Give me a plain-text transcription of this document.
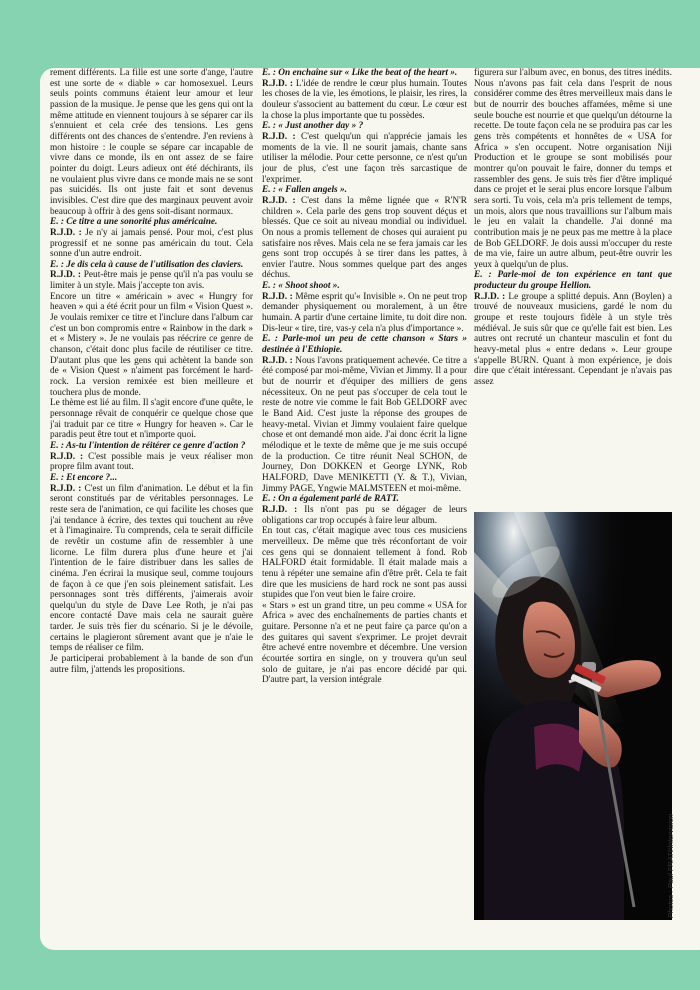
rement différents. La fille est une sorte d'ange, l'autre est une sorte de « diable » car homosexuel. Leurs seuls points communs étaient leur amour et leur passion de la musique. Je pense que les gens qui ont la même attitude en viennent toujours à se séparer car ils s'ennuient et cela crée des tensions. Les gens différents ont des chances de s'entendre. J'en reviens à mon histoire : le couple se sépare car incapable de vivre dans ce monde, ils en ont assez de se faire pointer du doigt. Leurs adieux ont été déchirants, ils ne voulaient plus vivre dans ce monde mais ne se sont pas suicidés. Ils ont juste fait et sont devenus invisibles. C'est dire que des marginaux peuvent avoir beaucoup à offrir à des gens soit-disant normaux.

E. : Ce titre a une sonorité plus américaine.

R.J.D. : Je n'y ai jamais pensé. Pour moi, c'est plus progressif et ne sonne pas américain du tout. Cela sonne d'un autre endroit.

E. : Je dis cela à cause de l'utilisation des claviers.

R.J.D. : Peut-être mais je pense qu'il n'a pas voulu se limiter à un style. Mais j'accepte ton avis.

Encore un titre « américain » avec « Hungry for heaven » qui a été écrit pour un film « Vision Quest ». Je voulais remixer ce titre et l'inclure dans l'album car c'est un bon compromis entre « Rainbow in the dark » et « Mistery ». Je ne voulais pas réécrire ce genre de chanson, c'était donc plus facile de réutiliser ce titre. D'autant plus que les gens qui achètent la bande son de « Vision Quest » n'aiment pas forcément le hard-rock. La version remixée est bien meilleure et touchera plus de monde.

Le thème est lié au film. Il s'agit encore d'une quête, le personnage rêvait de conquérir ce quelque chose que j'ai traduit par ce titre « Hungry for heaven ». Car le paradis peut être tout et n'importe quoi.

E. : As-tu l'intention de réitérer ce genre d'action ?

R.J.D. : C'est possible mais je veux réaliser mon propre film avant tout.

E. : Et encore ?...

R.J.D. : C'est un film d'animation. Le début et la fin seront constitués par de véritables personnages. Le reste sera de l'animation, ce qui facilite les choses que j'ai tendance à écrire, des textes qui touchent au rêve et à l'imaginaire. Tu comprends, cela te serait difficile de revêtir un costume afin de ressembler à une licorne. Le film durera plus d'une heure et j'ai l'intention de le faire distribuer dans les salles de cinéma. J'en écrirai la musique seul, comme toujours de façon à ce que j'en sois pleinement satisfait. Les personnages sont très différents, j'aimerais avoir quelqu'un du style de Dave Lee Roth, je n'ai pas encore contacté Dave mais cela ne saurait guère tarder. Je suis très fier du scénario. Si je le dévoile, certains le plagieront sûrement avant que je n'aie le temps de réaliser ce film.

Je participerai probablement à la bande de son d'un autre film, j'attends les propositions.

E. : On enchaîne sur « Like the beat of the heart ».

R.J.D. : L'idée de rendre le cœur plus humain. Toutes les choses de la vie, les émotions, le plaisir, les rires, la douleur s'associent au battement du cœur. Le cœur est la chose la plus importante que tu possèdes.

E. : « Just another day » ?

R.J.D. : C'est quelqu'un qui n'apprécie jamais les moments de la vie. Il ne sourit jamais, chante sans utiliser la mélodie. Pour cette personne, ce n'est qu'un jour de plus, c'est une façon très sarcastique de l'exprimer.

E. : « Fallen angels ».

R.J.D. : C'est dans la même lignée que « R'N'R children ». Cela parle des gens trop souvent déçus et blessés. Que ce soit au niveau mondial ou individuel. On nous a promis tellement de choses qui auraient pu satisfaire nos rêves. Mais cela ne se fera jamais car les gens sont trop occupés à se tirer dans les pattes, à envier l'autre. Nous sommes quelque part des anges déchus.

E. : « Shoot shoot ».

R.J.D. : Même esprit qu'« Invisible ». On ne peut trop demander physiquement ou moralement, à un être humain. A partir d'une certaine limite, tu doit dire non. Dis-leur « tire, tire, vas-y cela n'a plus d'importance ».

E. : Parle-moi un peu de cette chanson « Stars » destinée à l'Ethiopie.

R.J.D. : Nous l'avons pratiquement achevée. Ce titre a été composé par moi-même, Vivian et Jimmy. Il a pour but de nourrir et d'équiper des milliers de gens nécessiteux. On ne peut pas s'occuper de cela tout le reste de notre vie comme le fait Bob GELDORF avec le Band Aid. C'est juste la réponse des groupes de heavy-metal. Vivian et Jimmy voulaient faire quelque chose et ont demandé mon aide. J'ai donc écrit la ligne mélodique et le texte de même que je me suis occupé de la production. Ce titre réunit Neal SCHON, de Journey, Don DOKKEN et George LYNK, Rob HALFORD, Dave MENIKETTI (Y. & T.), Vivian, Jimmy PAGE, Yngwie MALMSTEEN et moi-même.

E. : On a également parlé de RATT.

R.J.D. : Ils n'ont pas pu se dégager de leurs obligations car trop occupés à faire leur album.

En tout cas, c'était magique avec tous ces musiciens merveilleux. De même que très réconfortant de voir ces gens qui se donnaient tellement à fond. Rob HALFORD était formidable. Il était malade mais a tenu à répéter une semaine afin d'être prêt. Cela te fait dire que les musiciens de hard rock ne sont pas aussi stupides que l'on veut bien le faire croire.

« Stars » est un grand titre, un peu comme « USA for Africa » avec des enchaînements de parties chants et guitare. Personne n'a et ne peut faire ça parce qu'on a des guitares qui savent s'exprimer. Le projet devrait être achevé entre novembre et décembre. Une version écourtée sortira en single, on y trouvera qu'un seul solo de guitare, je n'ai pas encore décidé par qui. D'autre part, la version intégrale

figurera sur l'album avec, en bonus, des titres inédits. Nous n'avons pas fait cela dans l'esprit de nous considérer comme des êtres merveilleux mais dans le but de nourrir des bouches affamées, même si une seule bouche est nourrie et que quelqu'un détourne la recette. De toute façon cela ne se produira pas car les gens très compétents et honnêtes de « USA for Africa » s'en occupent. Notre organisation Niji Production et le groupe se sont mobilisés pour montrer qu'on pouvait le faire, donner du temps et rassembler des gens. Je suis très fier d'être impliqué dans ce projet et le serai plus encore lorsque l'album sera sorti. Tu vois, cela m'a pris tellement de temps, un mois, alors que nous travaillions sur l'album mais le jeu en valait la chandelle. J'ai donné ma contribution mais je ne peux pas me mettre à la place de Bob GELDORF. Je dois aussi m'occuper du reste de ma vie, faire un autre album, peut-être ouvrir les yeux à quelqu'un de plus.

E. : Parle-moi de ton expérience en tant que producteur du groupe Hellion.

R.J.D. : Le groupe a splitté depuis. Ann (Boylen) a trouvé de nouveaux musiciens, gardé le nom du groupe et reste toujours fidèle à un style très médiéval. Je suis sûr que ce qu'elle fait est bien. Les autres ont recruté un chanteur masculin et font du heavy-metal plus « entre dedans ». Leur groupe s'appelle BURN. Quant à mon expérience, je dois dire que c'était intéressant. Cependant je n'avais pas assez

Photos : Paul FRATI/Intervision
